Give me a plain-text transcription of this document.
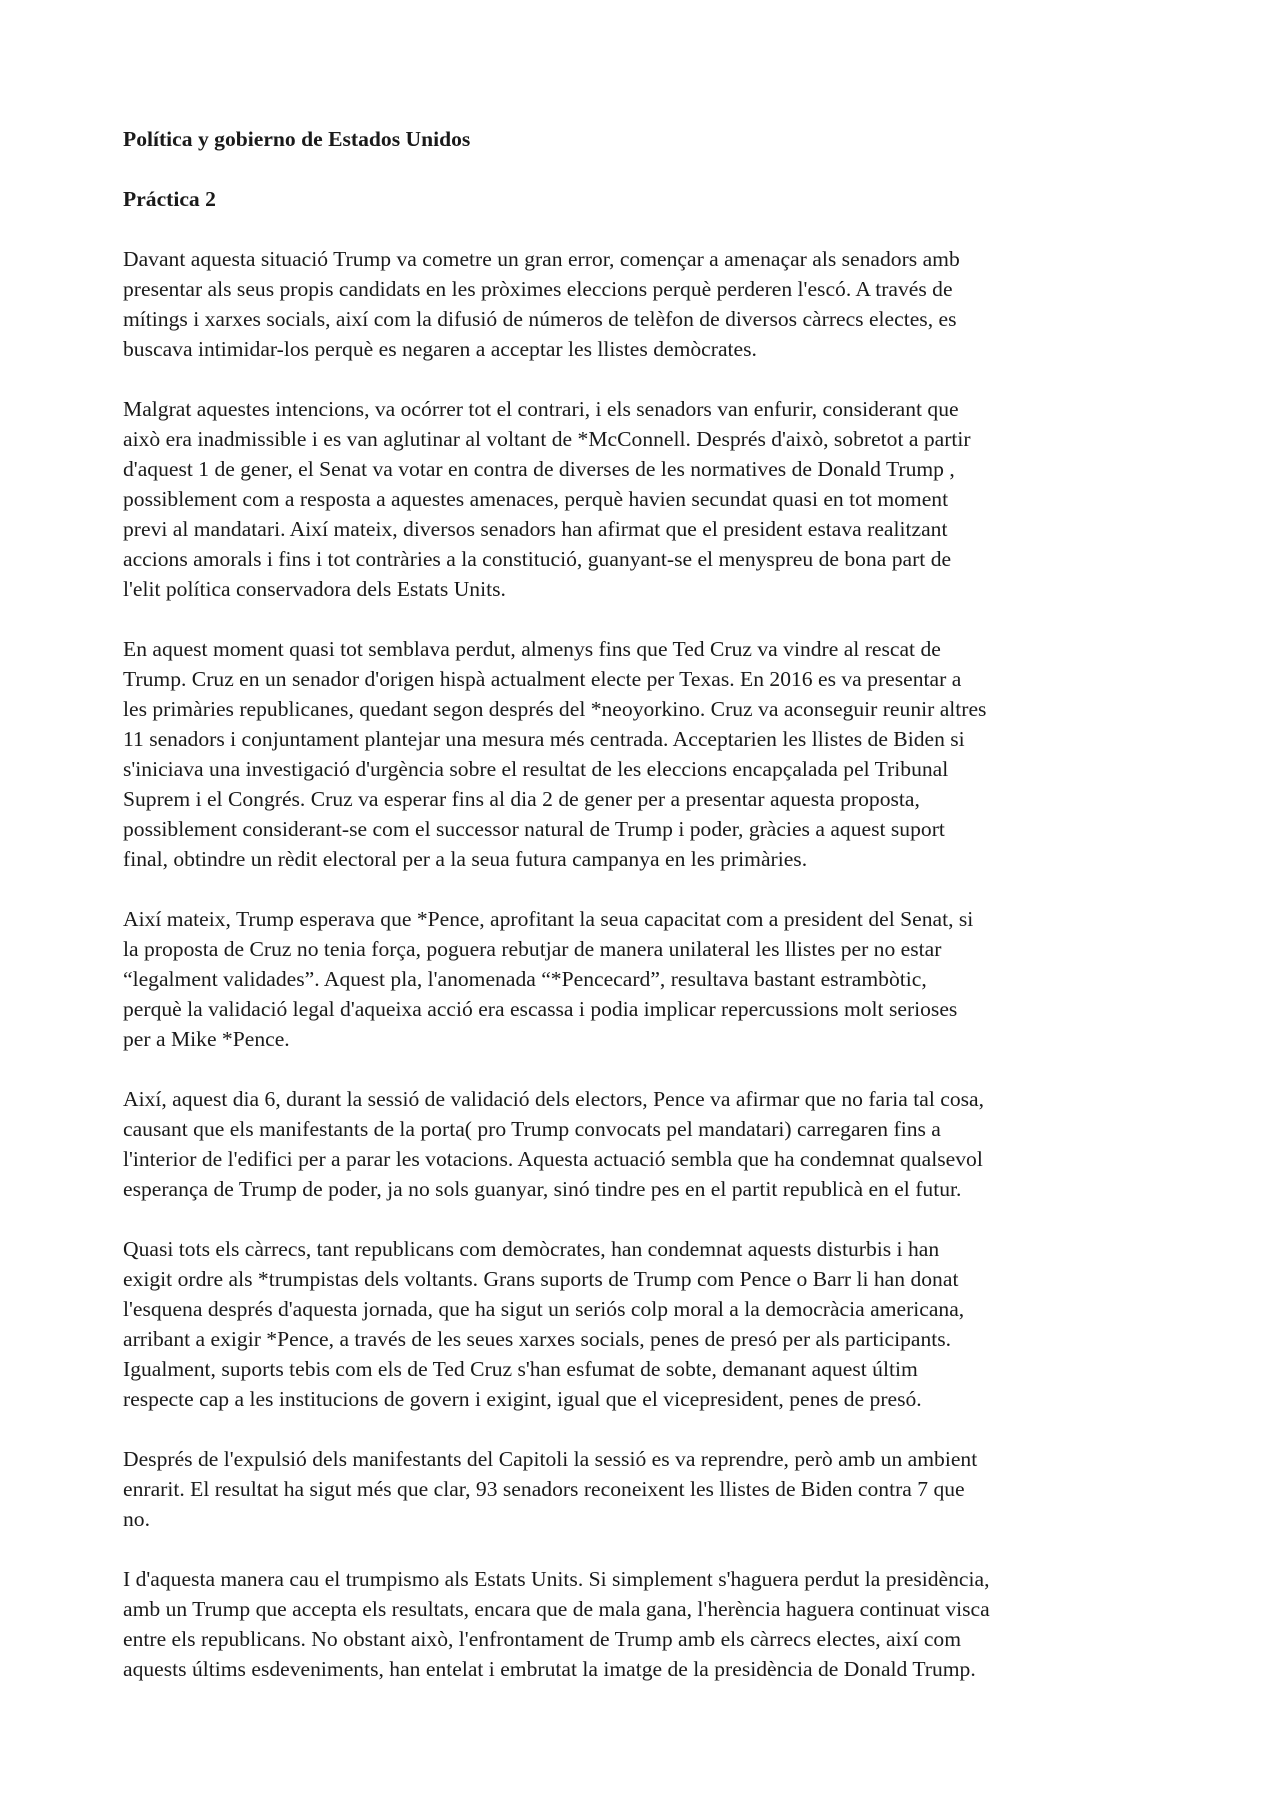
Política y gobierno de Estados Unidos
Práctica 2
Davant aquesta situació Trump va cometre un gran error, començar a amenaçar als senadors amb
presentar als seus propis candidats en les pròximes eleccions perquè perderen l'escó. A través de
mítings i xarxes socials, així com la difusió de números de telèfon de diversos càrrecs electes, es
buscava intimidar-los perquè es negaren a acceptar les llistes demòcrates.
Malgrat aquestes intencions, va ocórrer tot el contrari, i els senadors van enfurir, considerant que
això era inadmissible i es van aglutinar al voltant de *McConnell. Després d'això, sobretot a partir
d'aquest 1 de gener, el Senat va votar en contra de diverses de les normatives de Donald Trump ,
possiblement com a resposta a aquestes amenaces, perquè havien secundat quasi en tot moment
previ al mandatari. Així mateix, diversos senadors han afirmat que el president estava realitzant
accions amorals i fins i tot contràries a la constitució, guanyant-se el menyspreu de bona part de
l'elit política conservadora dels Estats Units.
En aquest moment quasi tot semblava perdut, almenys fins que Ted Cruz va vindre al rescat de
Trump. Cruz en un senador d'origen hispà actualment electe per Texas. En 2016 es va presentar a
les primàries republicanes, quedant segon després del *neoyorkino. Cruz va aconseguir reunir altres
11 senadors i conjuntament plantejar una mesura més centrada. Acceptarien les llistes de Biden si
s'iniciava una investigació d'urgència sobre el resultat de les eleccions encapçalada pel Tribunal
Suprem i el Congrés. Cruz va esperar fins al dia 2 de gener per a presentar aquesta proposta,
possiblement considerant-se com el successor natural de Trump i poder, gràcies a aquest suport
final, obtindre un rèdit electoral per a la seua futura campanya en les primàries.
Així mateix, Trump esperava que *Pence, aprofitant la seua capacitat com a president del Senat, si
la proposta de Cruz no tenia força, poguera rebutjar de manera unilateral les llistes per no estar
“legalment validades”. Aquest pla, l'anomenada “*Pencecard”, resultava bastant estrambòtic,
perquè la validació legal d'aqueixa acció era escassa i podia implicar repercussions molt serioses
per a Mike *Pence.
Així, aquest dia 6, durant la sessió de validació dels electors, Pence va afirmar que no faria tal cosa,
causant que els manifestants de la porta( pro Trump convocats pel mandatari) carregaren fins a
l'interior de l'edifici per a parar les votacions. Aquesta actuació sembla que ha condemnat qualsevol
esperança de Trump de poder, ja no sols guanyar, sinó tindre pes en el partit republicà en el futur.
Quasi tots els càrrecs, tant republicans com demòcrates, han condemnat aquests disturbis i han
exigit ordre als *trumpistas dels voltants. Grans suports de Trump com Pence o Barr li han donat
l'esquena després d'aquesta jornada, que ha sigut un seriós colp moral a la democràcia americana,
arribant a exigir *Pence, a través de les seues xarxes socials, penes de presó per als participants.
Igualment, suports tebis com els de Ted Cruz s'han esfumat de sobte, demanant aquest últim
respecte cap a les institucions de govern i exigint, igual que el vicepresident, penes de presó.
Després de l'expulsió dels manifestants del Capitoli la sessió es va reprendre, però amb un ambient
enrarit. El resultat ha sigut més que clar, 93 senadors reconeixent les llistes de Biden contra 7 que
no.
I d'aquesta manera cau el trumpismo als Estats Units. Si simplement s'haguera perdut la presidència,
amb un Trump que accepta els resultats, encara que de mala gana, l'herència haguera continuat visca
entre els republicans. No obstant això, l'enfrontament de Trump amb els càrrecs electes, així com
aquests últims esdeveniments, han entelat i embrutat la imatge de la presidència de Donald Trump.
